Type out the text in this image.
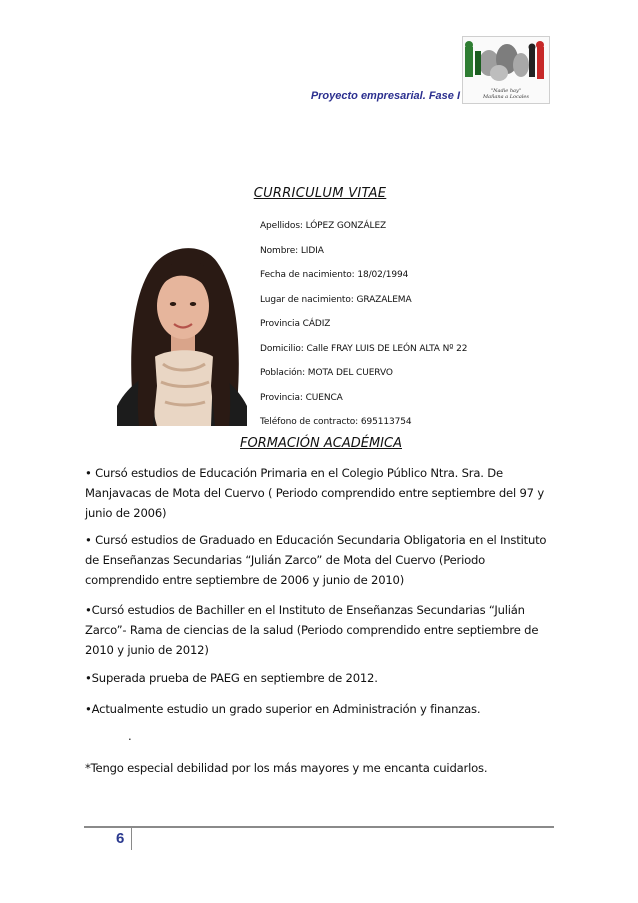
Proyecto empresarial. Fase I	"Nadie hay"
Mañana a Locales
CURRICULUM VITAE
Apellidos: LÓPEZ GONZÁLEZ
Nombre: LIDIA
Fecha de nacimiento: 18/02/1994
Lugar de nacimiento: GRAZALEMA
Provincia CÁDIZ
Domicilio: Calle FRAY LUIS DE LEÓN ALTA Nº 22
Población: MOTA DEL CUERVO
Provincia: CUENCA
Teléfono de contracto: 695113754
FORMACIÓN ACADÉMICA
• Cursó estudios de Educación Primaria en el Colegio Público Ntra. Sra. De Manjavacas de Mota del Cuervo ( Periodo comprendido entre septiembre del 97 y junio de 2006)
• Cursó estudios de Graduado en Educación Secundaria Obligatoria en el Instituto de Enseñanzas Secundarias “Julián Zarco” de Mota del Cuervo (Periodo comprendido entre septiembre de 2006 y junio de 2010)
•Cursó estudios de Bachiller en el Instituto de Enseñanzas Secundarias “Julián Zarco”- Rama de ciencias de la salud (Periodo comprendido entre septiembre de 2010 y junio de 2012)
•Superada prueba de PAEG en septiembre de 2012.
•Actualmente estudio un grado superior en Administración y finanzas.
.
*Tengo especial debilidad por los más mayores y me encanta cuidarlos.
6
